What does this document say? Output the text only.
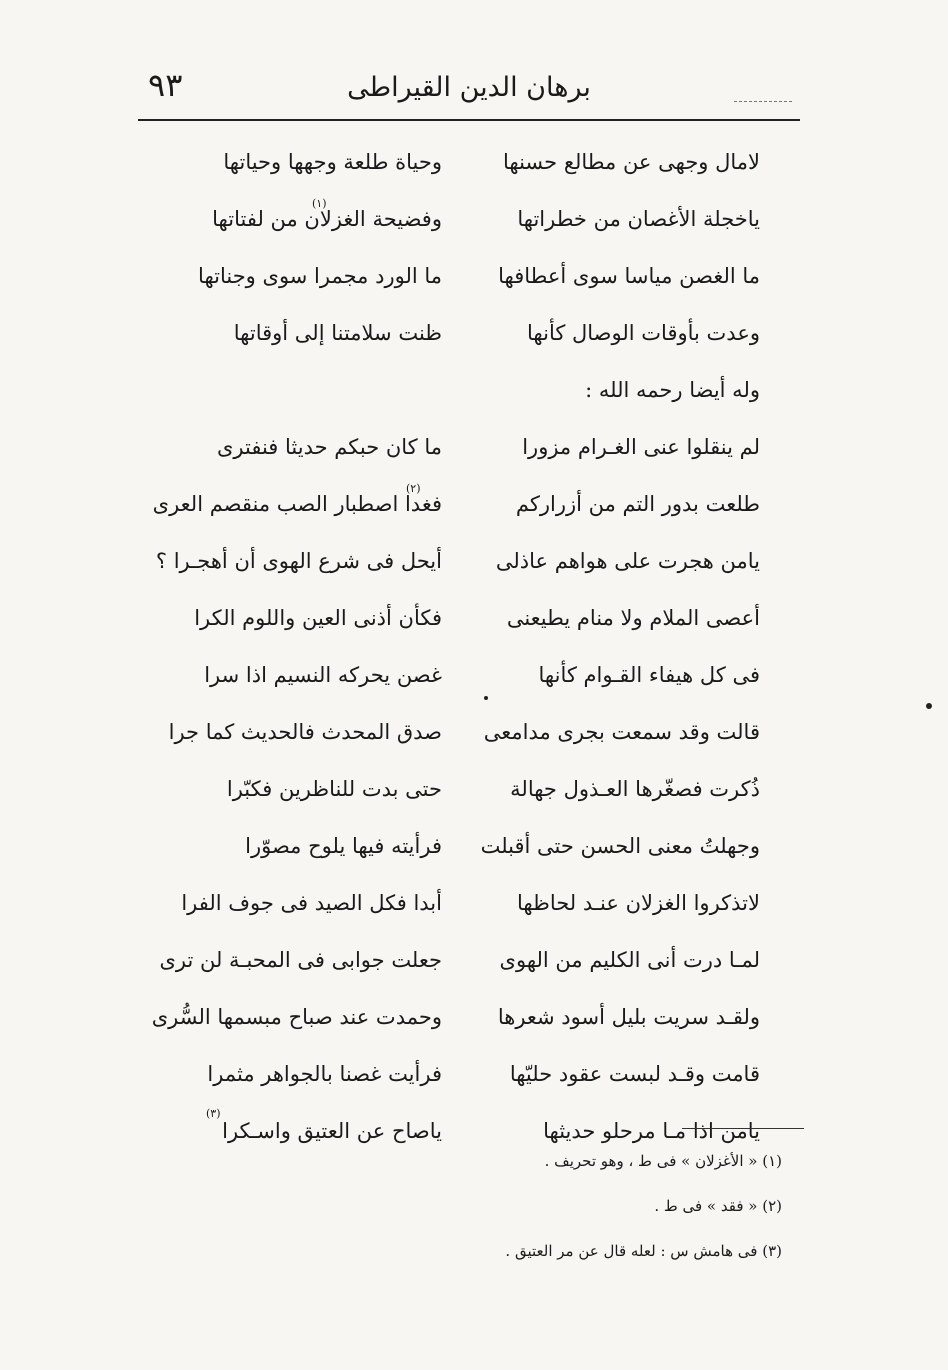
٩٣	برهان الدين القيراطى
لامال وجهى عن مطالع حسنها
وحياة طلعة وجهها وحياتها
ياخجلة الأغصان من خطراتها
وفضيحة الغزلان من لفتاتها
(١)
ما الغصن مياسا سوى أعطافها
ما الورد مجمرا سوى وجناتها
وعدت بأوقات الوصال كأنها
ظنت سلامتنا إلى أوقاتها
وله أيضا رحمه الله :
لم ينقلوا عنى الغـرام مزورا
ما كان حبكم حديثا فنفترى
طلعت بدور التم من أزراركم
فغدا اصطبار الصب منقصم العرى
(٢)
يامن هجرت على هواهم عاذلى
أيحل فى شرع الهوى أن أهجـرا ؟
أعصى الملام ولا منام يطيعنى
فكأن أذنى العين واللوم الكرا
فى كل هيفاء القـوام كأنها
غصن يحركه النسيم اذا سرا
قالت وقد سمعت بجرى مدامعى
صدق المحدث فالحديث كما جرا
ذُكرت فصغّرها العـذول جهالة
حتى بدت للناظرين فكبّرا
وجهلتُ معنى الحسن حتى أقبلت
فرأيته فيها يلوح مصوّرا
لاتذكروا الغزلان عنـد لحاظها
أبدا فكل الصيد فى جوف الفرا
لمـا درت أنى الكليم من الهوى
جعلت جوابى فى المحبـة لن ترى
ولقـد سريت بليل أسود شعرها
وحمدت عند صباح مبسمها السُّرى
قامت وقـد لبست عقود حليّها
فرأيت غصنا بالجواهر مثمرا
يامن اذا مـا مرحلو حديثها
ياصاح عن العتيق واسـكرا
(٣)
(١) « الأغزلان » فى ط ، وهو تحريف .
(٢) « فقد » فى ط .
(٣) فى هامش س : لعله قال عن مر العتيق .
